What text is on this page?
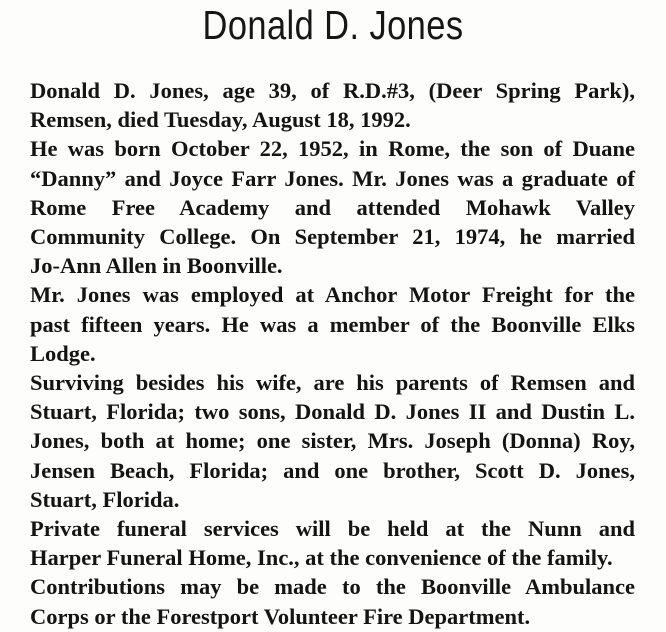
Donald D. Jones

Donald D. Jones, age 39, of R.D.#3, (Deer Spring Park),
Remsen, died Tuesday, August 18, 1992.

He was born October 22, 1952, in Rome, the son of Duane
“Danny” and Joyce Farr Jones. Mr. Jones was a graduate of
Rome Free Academy and attended Mohawk Valley
Community College. On September 21, 1974, he married
Jo-Ann Allen in Boonville.

Mr. Jones was employed at Anchor Motor Freight for the
past fifteen years. He was a member of the Boonville Elks
Lodge.

Surviving besides his wife, are his parents of Remsen and
Stuart, Florida; two sons, Donald D. Jones II and Dustin L.
Jones, both at home; one sister, Mrs. Joseph (Donna) Roy,
Jensen Beach, Florida; and one brother, Scott D. Jones,
Stuart, Florida.

Private funeral services will be held at the Nunn and
Harper Funeral Home, Inc., at the convenience of the family.

Contributions may be made to the Boonville Ambulance
Corps or the Forestport Volunteer Fire Department.
